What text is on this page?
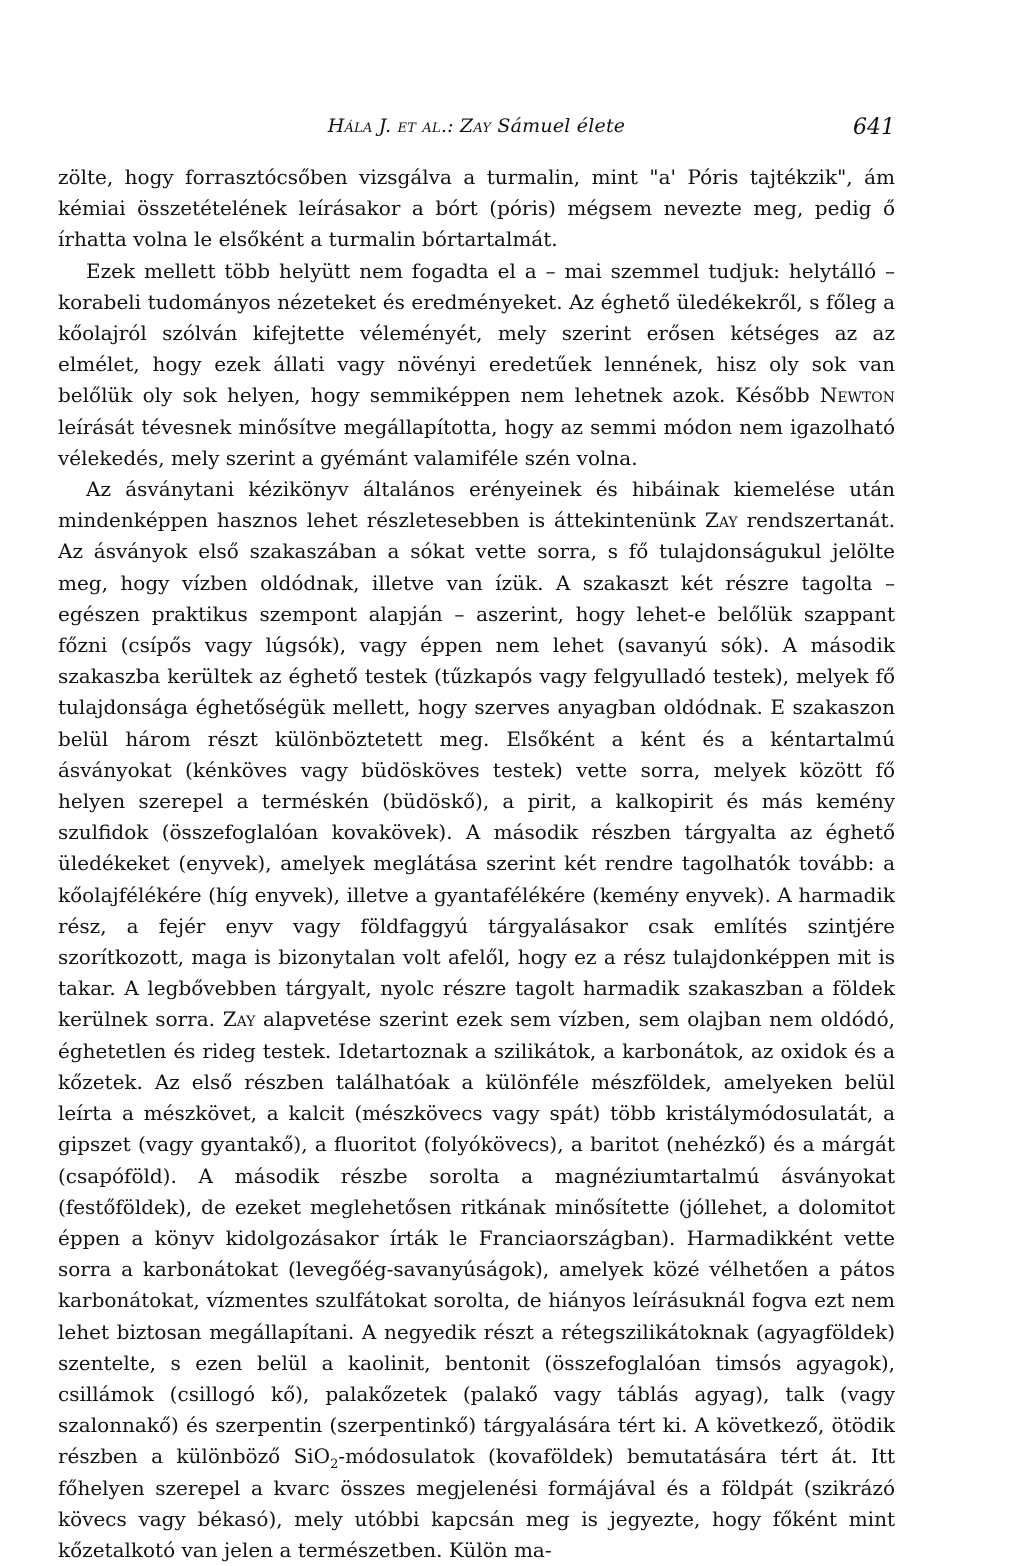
Hála J. et al.: Zay Sámuel élete	641

zölte, hogy forrasztócsőben vizsgálva a turmalin, mint "a' Póris tajtékzik", ám kémiai összetételének leírásakor a bórt (póris) mégsem nevezte meg, pedig ő írhatta volna le elsőként a turmalin bórtartalmát.

Ezek mellett több helyütt nem fogadta el a – mai szemmel tudjuk: helytálló – korabeli tudományos nézeteket és eredményeket. Az éghető üledékekről, s főleg a kőolajról szólván kifejtette véleményét, mely szerint erősen kétséges az az elmélet, hogy ezek állati vagy növényi eredetűek lennének, hisz oly sok van belőlük oly sok helyen, hogy semmiképpen nem lehetnek azok. Később Newton leírását tévesnek minősítve megállapította, hogy az semmi módon nem igazolható vélekedés, mely szerint a gyémánt valamiféle szén volna.

Az ásványtani kézikönyv általános erényeinek és hibáinak kiemelése után mindenképpen hasznos lehet részletesebben is áttekintenünk Zay rendszertanát. Az ásványok első szakaszában a sókat vette sorra, s fő tulajdonságukul jelölte meg, hogy vízben oldódnak, illetve van ízük. A szakaszt két részre tagolta – egészen praktikus szempont alapján – aszerint, hogy lehet-e belőlük szappant főzni (csípős vagy lúgsók), vagy éppen nem lehet (savanyú sók). A második szakaszba kerültek az éghető testek (tűzkapós vagy felgyulladó testek), melyek fő tulajdonsága éghetőségük mellett, hogy szerves anyagban oldódnak. E szakaszon belül három részt különböztetett meg. Elsőként a ként és a kéntartalmú ásványokat (kénköves vagy büdösköves testek) vette sorra, melyek között fő helyen szerepel a terméskén (büdöskő), a pirit, a kalkopirit és más kemény szulfidok (összefoglalóan kovakövek). A második részben tárgyalta az éghető üledékeket (enyvek), amelyek meglátása szerint két rendre tagolhatók tovább: a kőolajfélékére (híg enyvek), illetve a gyantafélékére (kemény enyvek). A harmadik rész, a fejér enyv vagy földfaggyú tárgyalásakor csak említés szintjére szorítkozott, maga is bizonytalan volt afelől, hogy ez a rész tulajdonképpen mit is takar. A legbővebben tárgyalt, nyolc részre tagolt harmadik szakaszban a földek kerülnek sorra. Zay alapvetése szerint ezek sem vízben, sem olajban nem oldódó, éghetetlen és rideg testek. Idetartoznak a szilikátok, a karbonátok, az oxidok és a kőzetek. Az első részben találhatóak a különféle mészföldek, amelyeken belül leírta a mészkövet, a kalcit (mészkövecs vagy spát) több kristálymódosulatát, a gipszet (vagy gyantakő), a fluoritot (folyókövecs), a baritot (nehézkő) és a márgát (csapóföld). A második részbe sorolta a magnéziumtartalmú ásványokat (festőföldek), de ezeket meglehetősen ritkának minősítette (jóllehet, a dolomitot éppen a könyv kidolgozásakor írták le Franciaországban). Harmadikként vette sorra a karbonátokat (levegőég-savanyúságok), amelyek közé vélhetően a pátos karbonátokat, vízmentes szulfátokat sorolta, de hiányos leírásuknál fogva ezt nem lehet biztosan megállapítani. A negyedik részt a rétegszilikátoknak (agyagföldek) szentelte, s ezen belül a kaolinit, bentonit (összefoglalóan timsós agyagok), csillámok (csillogó kő), palakőzetek (palakő vagy táblás agyag), talk (vagy szalonnakő) és szerpentin (szerpentinkő) tárgyalására tért ki. A következő, ötödik részben a különböző SiO$_2$-módosulatok (kovaföldek) bemutatására tért át. Itt főhelyen szerepel a kvarc összes megjelenési formájával és a földpát (szikrázó kövecs vagy békasó), mely utóbbi kapcsán meg is jegyezte, hogy főként mint kőzetalkotó van jelen a természetben. Külön ma-
